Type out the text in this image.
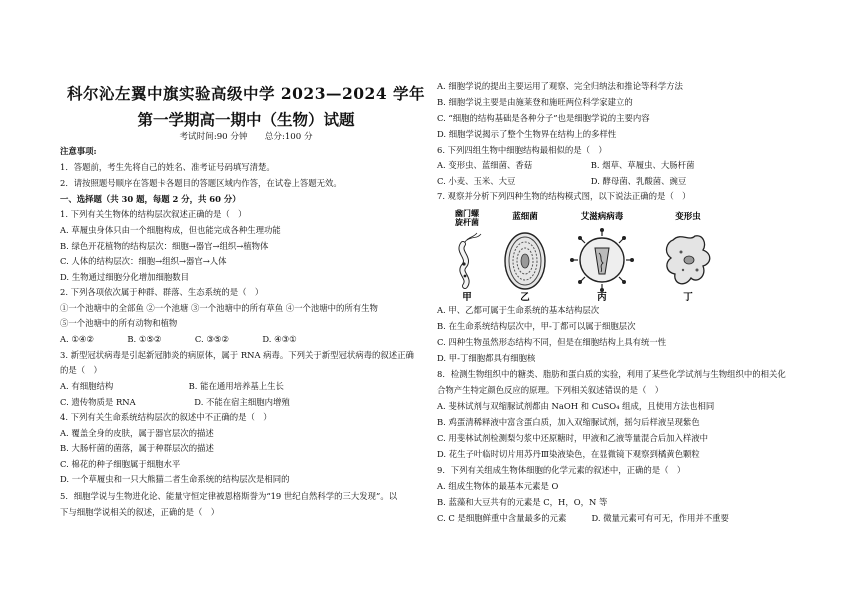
科尔沁左翼中旗实验高级中学 2023—2024 学年
第一学期高一期中（生物）试题
考试时间:90 分钟　　总分:100 分
注意事项:
1．答题前，考生先将自己的姓名、准考证号码填写清楚。
2．请按照题号顺序在答题卡各题目的答题区域内作答，在试卷上答题无效。
一、选择题（共 30 题，每题 2 分，共 60 分）
1. 下列有关生物体的结构层次叙述正确的是（　）
A. 草履虫身体只由一个细胞构成，但也能完成各种生理功能
B. 绿色开花植物的结构层次：细胞→器官→组织→植物体
C. 人体的结构层次：细胞→组织→器官→人体
D. 生物通过细胞分化增加细胞数目
2. 下列各项依次属于种群、群落、生态系统的是（　）
①一个池塘中的全部鱼 ②一个池塘 ③一个池塘中的所有草鱼 ④一个池塘中的所有生物
⑤一个池塘中的所有动物和植物
A. ①④②　　　　B. ①⑤②　　　　C. ③⑤②　　　　D. ④③①
3. 新型冠状病毒是引起新冠肺炎的病原体，属于 RNA 病毒。下列关于新型冠状病毒的叙述正确
的是（　）
A. 有细胞结构　　　　　　　　　B. 能在通用培养基上生长
C. 遗传物质是 RNA　　　　　　　D. 不能在宿主细胞内增殖
4. 下列有关生命系统结构层次的叙述中不正确的是（　）
A. 覆盖全身的皮肤，属于器官层次的描述
B. 大肠杆菌的菌落，属于种群层次的描述
C. 棉花的种子细胞属于细胞水平
D. 一个草履虫和一只大熊猫二者生命系统的结构层次是相同的
5．细胞学说与生物进化论、能量守恒定律被恩格斯誉为“19 世纪自然科学的三大发现”。以
下与细胞学说相关的叙述，正确的是（　）
A. 细胞学说的提出主要运用了观察、完全归纳法和推论等科学方法
B. 细胞学说主要是由施莱登和施旺两位科学家建立的
C. “细胞的结构基础是各种分子”也是细胞学说的主要内容
D. 细胞学说揭示了整个生物界在结构上的多样性
6. 下列四组生物中细胞结构最相似的是（　）
A. 变形虫、蓝细菌、香菇　　　　　　　B. 烟草、草履虫、大肠杆菌
C. 小麦、玉米、大豆　　　　　　　　　D. 酵母菌、乳酸菌、豌豆
7. 观察并分析下列四种生物的结构模式图，以下说法正确的是（　）
幽门螺旋杆菌
蓝细菌	艾滋病病毒	变形虫
甲	乙	丙	丁
A. 甲、乙都可属于生命系统的基本结构层次
B. 在生命系统结构层次中，甲-丁都可以属于细胞层次
C. 四种生物虽然形态结构不同，但是在细胞结构上具有统一性
D. 甲-丁细胞都具有细胞核
8．检测生物组织中的糖类、脂肪和蛋白质的实验，利用了某些化学试剂与生物组织中的相关化
合物产生特定颜色反应的原理。下列相关叙述错误的是（　）
A. 斐林试剂与双缩脲试剂都由 NaOH 和 CuSO₄ 组成，且使用方法也相同
B. 鸡蛋清稀释液中富含蛋白质，加入双缩脲试剂，摇匀后样液呈现紫色
C. 用斐林试剂检测梨匀浆中还原糖时，甲液和乙液等量混合后加入样液中
D. 花生子叶临时切片用苏丹Ⅲ染液染色，在显微镜下观察到橘黄色颗粒
9．下列有关组成生物体细胞的化学元素的叙述中，正确的是（　）
A. 组成生物体的最基本元素是 O
B. 蓝藻和大豆共有的元素是 C，H，O，N 等
C. C 是细胞鲜重中含量最多的元素　　　D. 微量元素可有可无，作用并不重要
